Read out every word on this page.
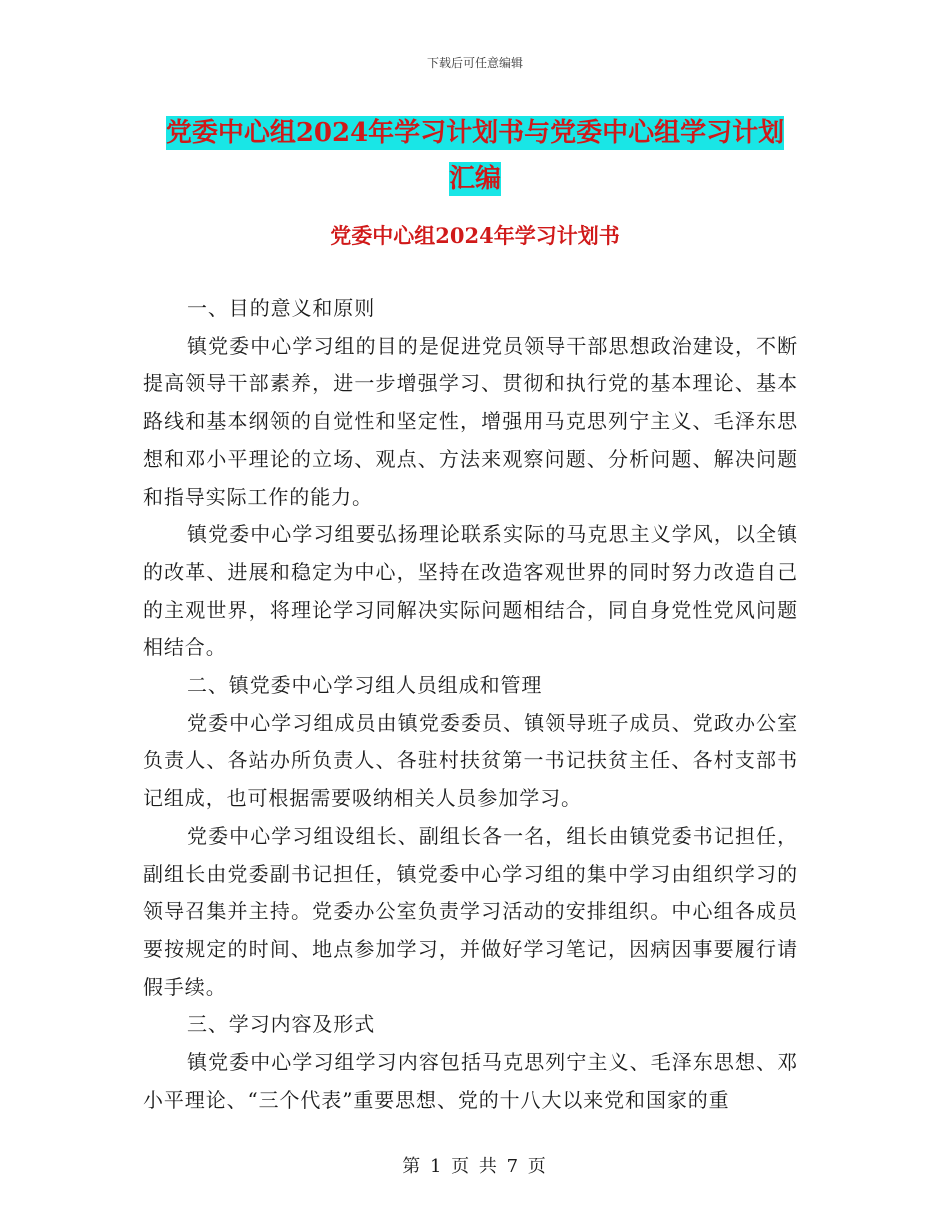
下载后可任意编辑
党委中心组2024年学习计划书与党委中心组学习计划
汇编
党委中心组2024年学习计划书

一、目的意义和原则

镇党委中心学习组的目的是促进党员领导干部思想政治建设，不断提高领导干部素养，进一步增强学习、贯彻和执行党的基本理论、基本路线和基本纲领的自觉性和坚定性，增强用马克思列宁主义、毛泽东思想和邓小平理论的立场、观点、方法来观察问题、分析问题、解决问题和指导实际工作的能力。

镇党委中心学习组要弘扬理论联系实际的马克思主义学风，以全镇的改革、进展和稳定为中心，坚持在改造客观世界的同时努力改造自己的主观世界，将理论学习同解决实际问题相结合，同自身党性党风问题相结合。

二、镇党委中心学习组人员组成和管理

党委中心学习组成员由镇党委委员、镇领导班子成员、党政办公室负责人、各站办所负责人、各驻村扶贫第一书记扶贫主任、各村支部书记组成，也可根据需要吸纳相关人员参加学习。

党委中心学习组设组长、副组长各一名，组长由镇党委书记担任，副组长由党委副书记担任，镇党委中心学习组的集中学习由组织学习的领导召集并主持。党委办公室负责学习活动的安排组织。中心组各成员要按规定的时间、地点参加学习，并做好学习笔记，因病因事要履行请假手续。

三、学习内容及形式

镇党委中心学习组学习内容包括马克思列宁主义、毛泽东思想、邓小平理论、“三个代表”重要思想、党的十八大以来党和国家的重

第 1 页 共 7 页
